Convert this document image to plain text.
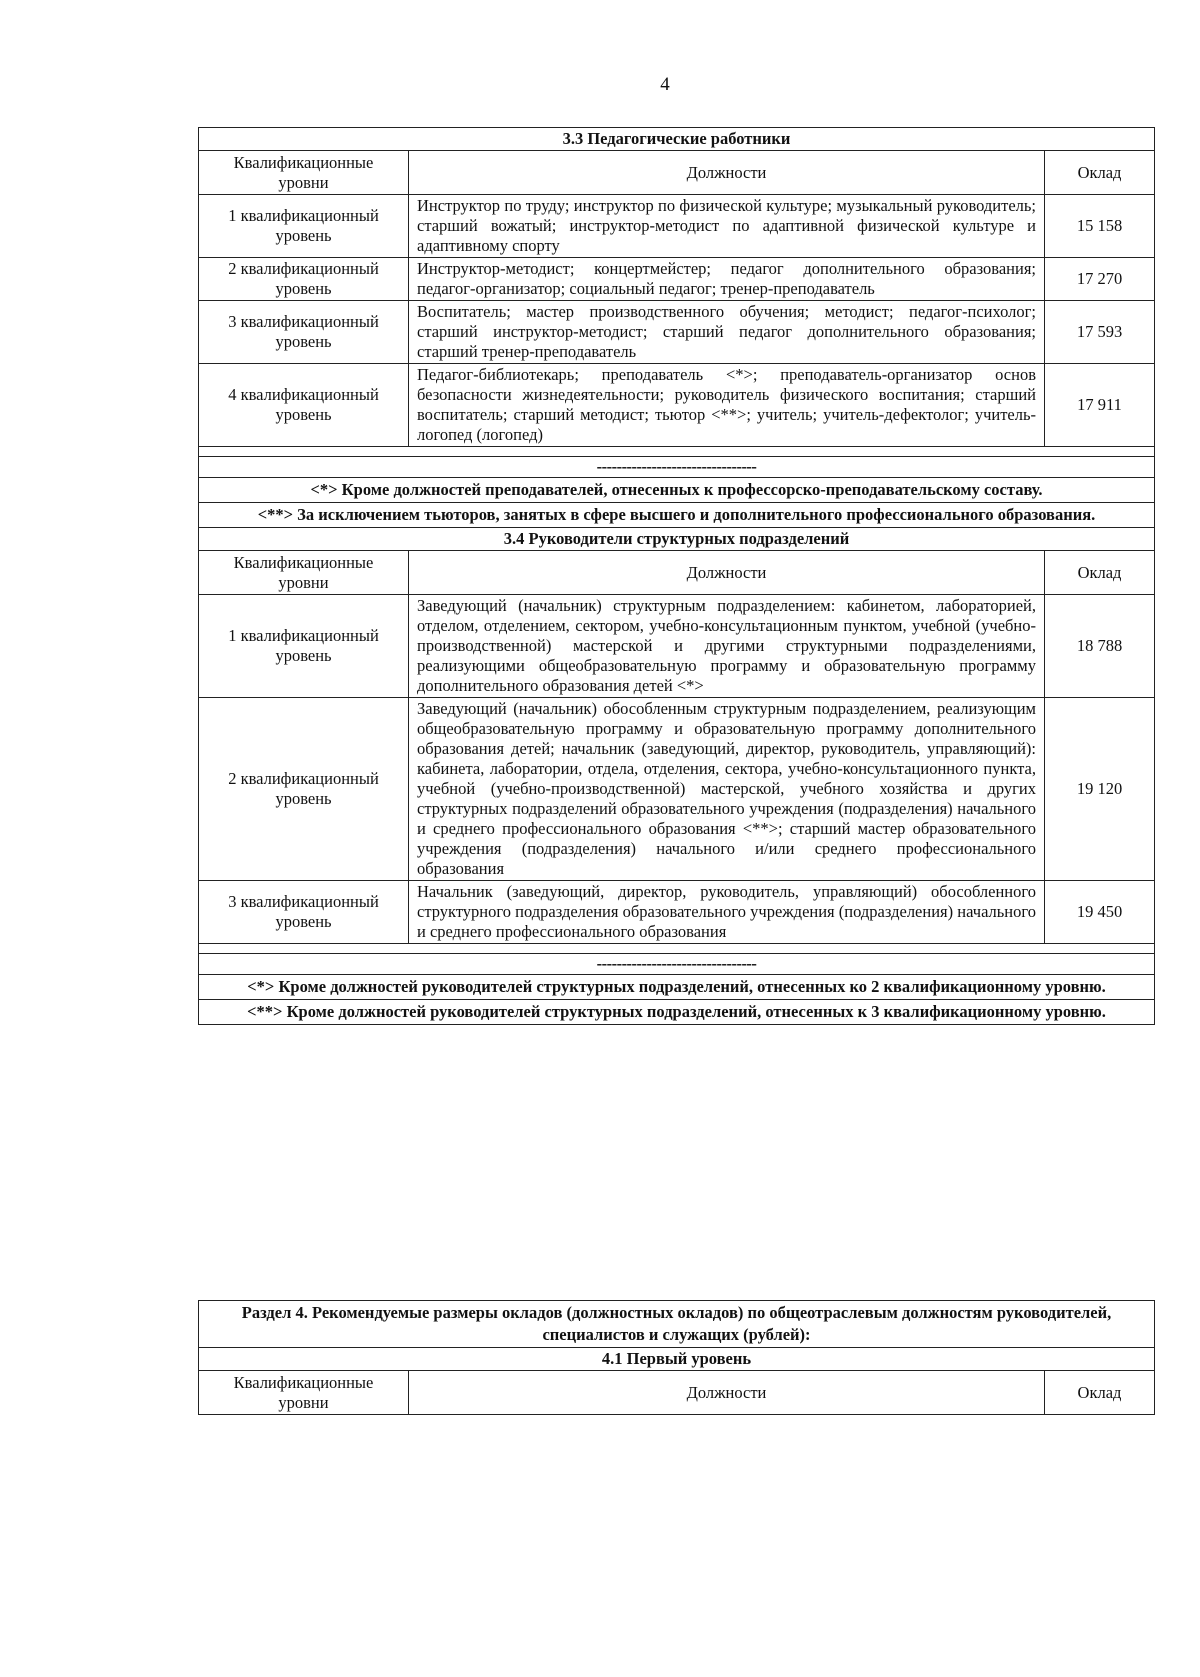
4
3.3 Педагогические работники		
Квалификационные уровни	Должности	Оклад
1 квалификационный уровень	Инструктор по труду; инструктор по физической культуре; музыкальный руководитель; старший вожатый; инструктор-методист по адаптивной физической культуре и адаптивному спорту	15 158
2 квалификационный уровень	Инструктор-методист; концертмейстер; педагог дополнительного образования; педагог-организатор; социальный педагог; тренер-преподаватель	17 270
3 квалификационный уровень	Воспитатель; мастер производственного обучения; методист; педагог-психолог; старший инструктор-методист; старший педагог дополнительного образования; старший тренер-преподаватель	17 593
4 квалификационный уровень	Педагог-библиотекарь; преподаватель <*>; преподаватель-организатор основ безопасности жизнедеятельности; руководитель физического воспитания; старший воспитатель; старший методист; тьютор <**>; учитель; учитель-дефектолог; учитель-логопед (логопед)	17 911

--------------------------------		
<*> Кроме должностей преподавателей, отнесенных к профессорско-преподавательскому составу.		
<**> За исключением тьюторов, занятых в сфере высшего и дополнительного профессионального образования.		
3.4 Руководители структурных подразделений		
Квалификационные уровни	Должности	Оклад
1 квалификационный уровень	Заведующий (начальник) структурным подразделением: кабинетом, лабораторией, отделом, отделением, сектором, учебно-консультационным пунктом, учебной (учебно-производственной) мастерской и другими структурными подразделениями, реализующими общеобразовательную программу и образовательную программу дополнительного образования детей <*>	18 788
2 квалификационный уровень	Заведующий (начальник) обособленным структурным подразделением, реализующим общеобразовательную программу и образовательную программу дополнительного образования детей; начальник (заведующий, директор, руководитель, управляющий): кабинета, лаборатории, отдела, отделения, сектора, учебно-консультационного пункта, учебной (учебно-производственной) мастерской, учебного хозяйства и других структурных подразделений образовательного учреждения (подразделения) начального и среднего профессионального образования <**>; старший мастер образовательного учреждения (подразделения) начального и/или среднего профессионального образования	19 120
3 квалификационный уровень	Начальник (заведующий, директор, руководитель, управляющий) обособленного структурного подразделения образовательного учреждения (подразделения) начального и среднего профессионального образования	19 450

--------------------------------		
<*> Кроме должностей руководителей структурных подразделений, отнесенных ко 2 квалификационному уровню.		
<**> Кроме должностей руководителей структурных подразделений, отнесенных к 3 квалификационному уровню.		
Раздел 4. Рекомендуемые размеры окладов (должностных окладов) по общеотраслевым должностям руководителей, специалистов и служащих (рублей):
4.1 Первый уровень
Квалификационные уровни	Должности	Оклад
